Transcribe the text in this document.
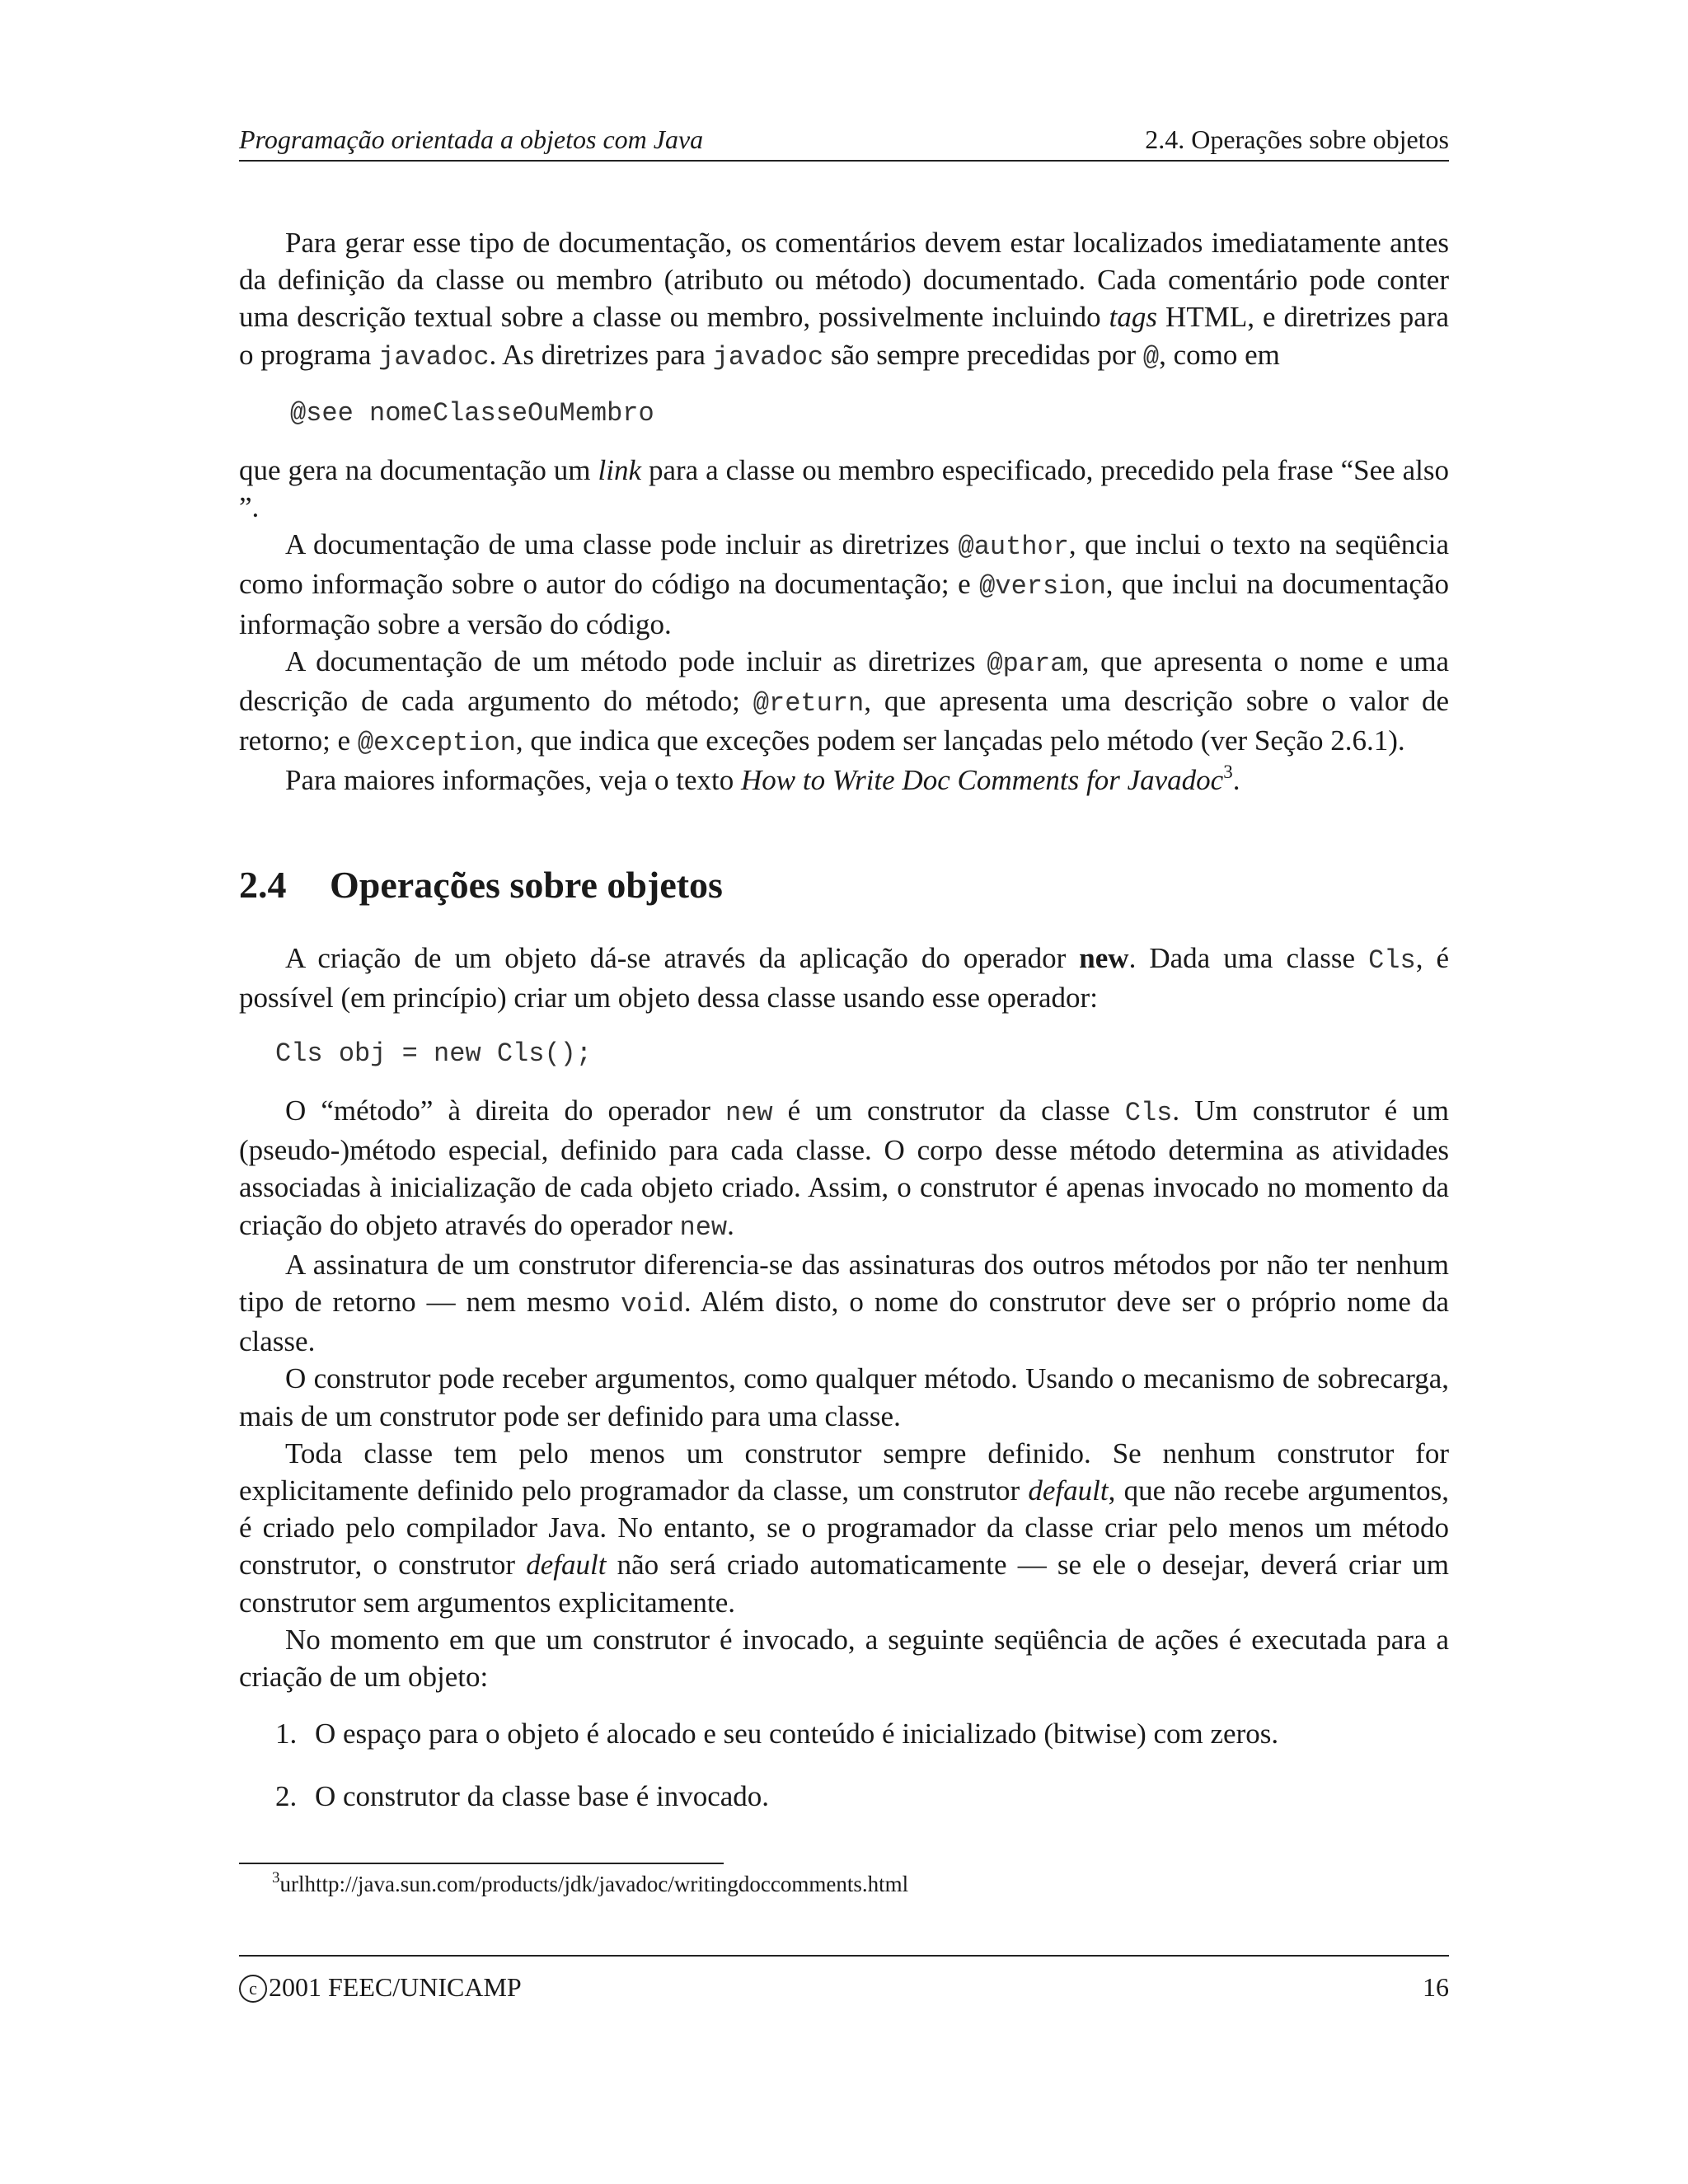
Programação orientada a objetos com Java	2.4. Operações sobre objetos

Para gerar esse tipo de documentação, os comentários devem estar localizados imediatamente antes da definição da classe ou membro (atributo ou método) documentado. Cada comentário pode conter uma descrição textual sobre a classe ou membro, possivelmente incluindo tags HTML, e diretrizes para o programa javadoc. As diretrizes para javadoc são sempre precedidas por @, como em

@see nomeClasseOuMembro

que gera na documentação um link para a classe ou membro especificado, precedido pela frase “See also ”.

A documentação de uma classe pode incluir as diretrizes @author, que inclui o texto na seqüência como informação sobre o autor do código na documentação; e @version, que inclui na documentação informação sobre a versão do código.

A documentação de um método pode incluir as diretrizes @param, que apresenta o nome e uma descrição de cada argumento do método; @return, que apresenta uma descrição sobre o valor de retorno; e @exception, que indica que exceções podem ser lançadas pelo método (ver Seção 2.6.1).

Para maiores informações, veja o texto How to Write Doc Comments for Javadoc$^3$.

2.4 Operações sobre objetos

A criação de um objeto dá-se através da aplicação do operador new. Dada uma classe Cls, é possível (em princípio) criar um objeto dessa classe usando esse operador:

Cls obj = new Cls();

O “método” à direita do operador new é um construtor da classe Cls. Um construtor é um (pseudo-)método especial, definido para cada classe. O corpo desse método determina as atividades associadas à inicialização de cada objeto criado. Assim, o construtor é apenas invocado no momento da criação do objeto através do operador new.

A assinatura de um construtor diferencia-se das assinaturas dos outros métodos por não ter nenhum tipo de retorno — nem mesmo void. Além disto, o nome do construtor deve ser o próprio nome da classe.

O construtor pode receber argumentos, como qualquer método. Usando o mecanismo de sobrecarga, mais de um construtor pode ser definido para uma classe.

Toda classe tem pelo menos um construtor sempre definido. Se nenhum construtor for explicitamente definido pelo programador da classe, um construtor default, que não recebe argumentos, é criado pelo compilador Java. No entanto, se o programador da classe criar pelo menos um método construtor, o construtor default não será criado automaticamente — se ele o desejar, deverá criar um construtor sem argumentos explicitamente.

No momento em que um construtor é invocado, a seguinte seqüência de ações é executada para a criação de um objeto:

1. O espaço para o objeto é alocado e seu conteúdo é inicializado (bitwise) com zeros.
2. O construtor da classe base é invocado.
$^3$urlhttp://java.sun.com/products/jdk/javadoc/writingdoccomments.html
c 2001 FEEC/UNICAMP	16
